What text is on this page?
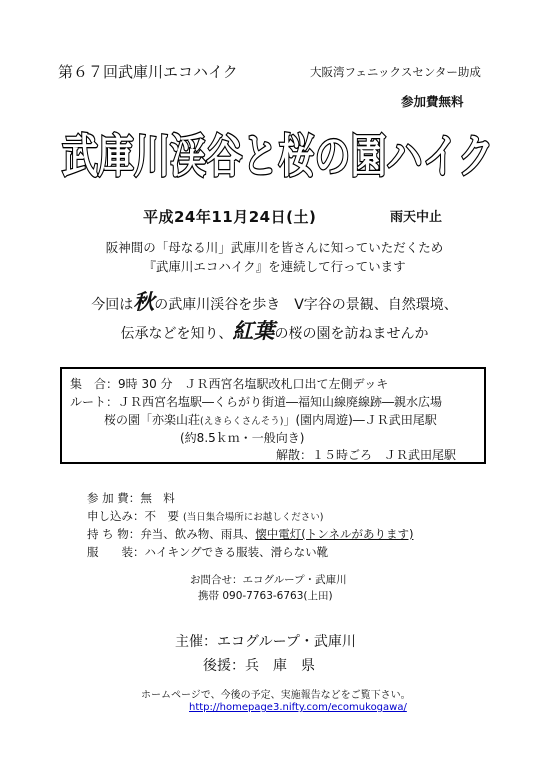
第６７回武庫川エコハイク	大阪湾フェニックスセンター助成
参加費無料
武庫川渓谷と桜の園ハイク
平成24年11月24日(土)	雨天中止
阪神間の「母なる川」武庫川を皆さんに知っていただくため
『武庫川エコハイク』を連続して行っています
今回は秋の武庫川渓谷を歩き　V字谷の景観、自然環境、
伝承などを知り、紅葉の桜の園を訪ねませんか
集　合：9時 30 分　ＪＲ西宮名塩駅改札口出て左側デッキ
ルート：ＪＲ西宮名塩駅―くらがり街道―福知山線廃線跡―親水広場
桜の園「亦楽山荘(えきらくさんそう)」(園内周遊)―ＪＲ武田尾駅
(約8.5ｋｍ・一般向き)
解散：１５時ごろ　ＪＲ武田尾駅
参 加 費：無　料
申し込み：不　要 (当日集合場所にお越しください)
持 ち 物：弁当、飲み物、雨具、懐中電灯(トンネルがあります)
服　　装：ハイキングできる服装、滑らない靴
お問合せ：エコグループ・武庫川
携帯 090-7763-6763(上田)
主催：エコグループ・武庫川
後援：兵　庫　県
ホームページで、今後の予定、実施報告などをご覧下さい。
http://homepage3.nifty.com/ecomukogawa/
